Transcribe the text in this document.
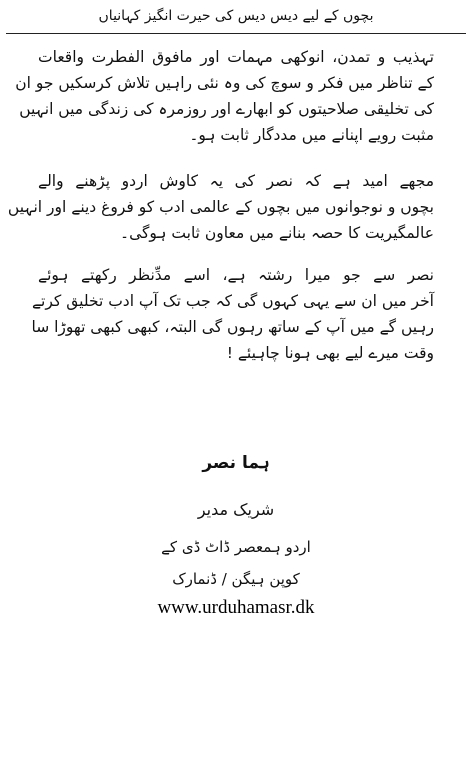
بچوں کے لیے دیس دیس کی حیرت انگیز کہانیاں
تہذیب و تمدن، انوکھی مہمات اور مافوق الفطرت واقعات
کے تناظر میں فکر و سوچ کی وہ نئی راہیں تلاش کرسکیں جو ان
کی تخلیقی صلاحیتوں کو ابھارے اور روزمرہ کی زندگی میں انہیں
مثبت رویے اپنانے میں مددگار ثابت ہو۔
مجھے امید ہے کہ نصر کی یہ کاوش اردو پڑھنے والے
بچوں و نوجوانوں میں بچوں کے عالمی ادب کو فروغ دینے اور انہیں
عالمگیریت کا حصہ بنانے میں معاون ثابت ہوگی۔
نصر سے جو میرا رشتہ ہے، اسے مدِّنظر رکھتے ہوئے
آخر میں ان سے یہی کہوں گی کہ جب تک آپ ادب تخلیق کرتے
رہیں گے میں آپ کے ساتھ رہوں گی البتہ، کبھی کبھی تھوڑا سا
وقت میرے لیے بھی ہونا چاہیئے !
ہما نصر
شریک مدیر
اردو ہمعصر ڈاٹ ڈی کے
کوپن ہیگن / ڈنمارک
www.urduhamasr.dk
